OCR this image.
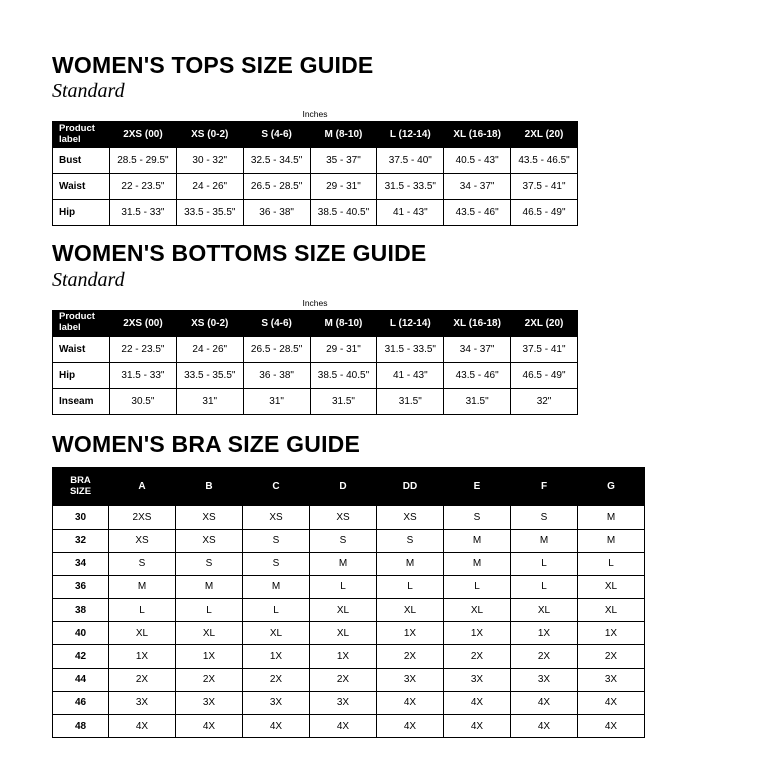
WOMEN'S TOPS SIZE GUIDE
Standard
Inches
Product
label	2XS (00)	XS (0-2)	S (4-6)	M (8-10)	L (12-14)	XL (16-18)	2XL (20)
Bust	28.5 - 29.5"	30 - 32"	32.5 - 34.5"	35 - 37"	37.5 - 40"	40.5 - 43"	43.5 - 46.5"
Waist	22 - 23.5"	24 - 26"	26.5 - 28.5"	29 - 31"	31.5 - 33.5"	34 - 37"	37.5 - 41"
Hip	31.5 - 33"	33.5 - 35.5"	36 - 38"	38.5 - 40.5"	41 - 43"	43.5 - 46"	46.5 - 49"
WOMEN'S BOTTOMS SIZE GUIDE
Standard
Inches
Product
label	2XS (00)	XS (0-2)	S (4-6)	M (8-10)	L (12-14)	XL (16-18)	2XL (20)
Waist	22 - 23.5"	24 - 26"	26.5 - 28.5"	29 - 31"	31.5 - 33.5"	34 - 37"	37.5 - 41"
Hip	31.5 - 33"	33.5 - 35.5"	36 - 38"	38.5 - 40.5"	41 - 43"	43.5 - 46"	46.5 - 49"
Inseam	30.5"	31"	31"	31.5"	31.5"	31.5"	32"
WOMEN'S BRA SIZE GUIDE
BRA
SIZE	A	B	C	D	DD	E	F	G
30	2XS	XS	XS	XS	XS	S	S	M
32	XS	XS	S	S	S	M	M	M
34	S	S	S	M	M	M	L	L
36	M	M	M	L	L	L	L	XL
38	L	L	L	XL	XL	XL	XL	XL
40	XL	XL	XL	XL	1X	1X	1X	1X
42	1X	1X	1X	1X	2X	2X	2X	2X
44	2X	2X	2X	2X	3X	3X	3X	3X
46	3X	3X	3X	3X	4X	4X	4X	4X
48	4X	4X	4X	4X	4X	4X	4X	4X
